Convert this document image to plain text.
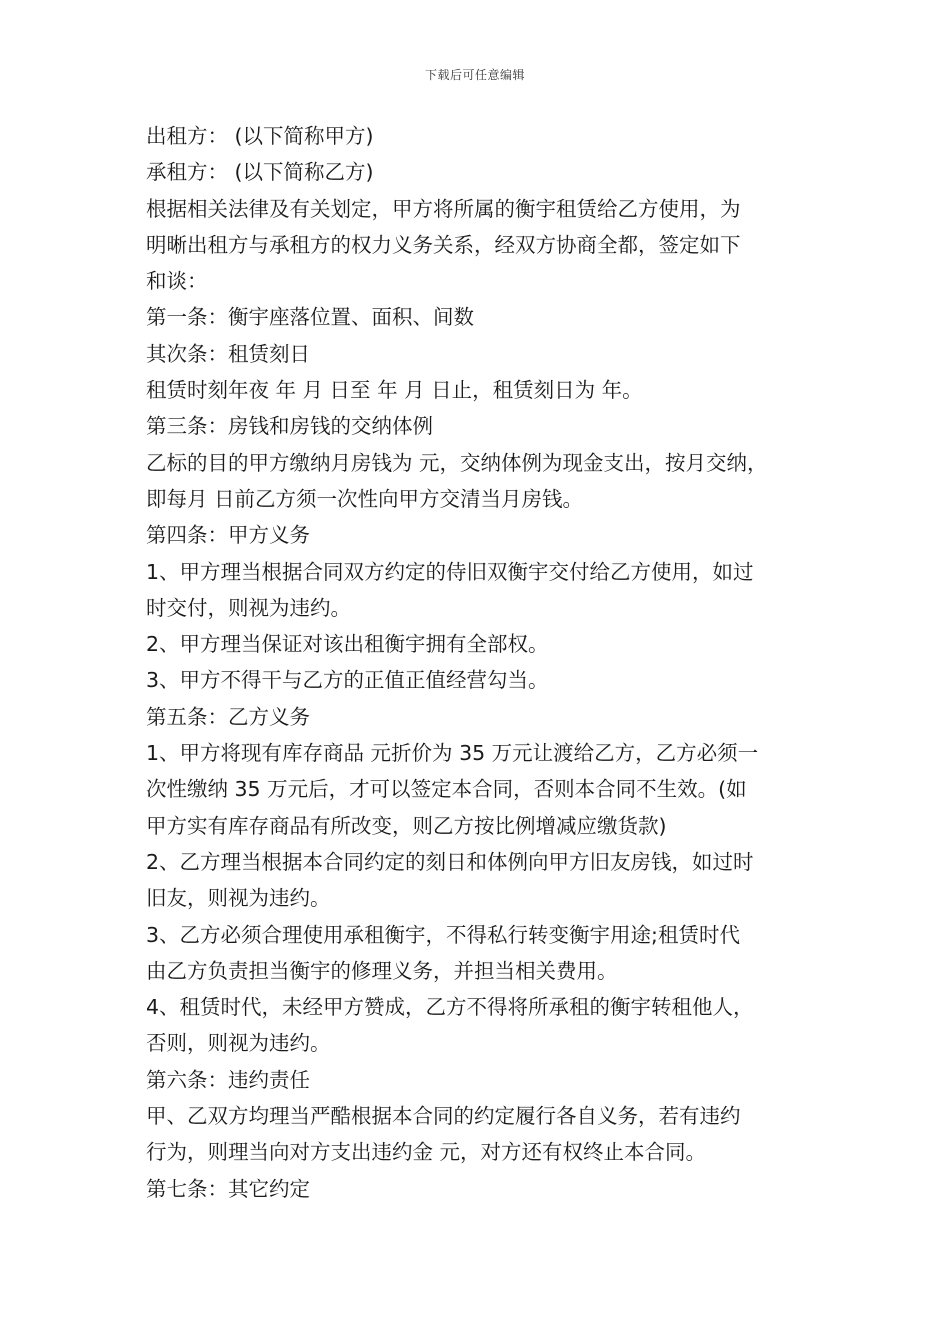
下载后可任意编辑

出租方： (以下简称甲方)

承租方： (以下简称乙方)

根据相关法律及有关划定，甲方将所属的衡宇租赁给乙方使用，为

明晰出租方与承租方的权力义务关系，经双方协商全都，签定如下

和谈：

第一条：衡宇座落位置、面积、间数

其次条：租赁刻日

租赁时刻年夜 年 月 日至 年 月 日止，租赁刻日为 年。

第三条：房钱和房钱的交纳体例

乙标的目的甲方缴纳月房钱为 元，交纳体例为现金支出，按月交纳，

即每月 日前乙方须一次性向甲方交清当月房钱。

第四条：甲方义务

1、甲方理当根据合同双方约定的侍旧双衡宇交付给乙方使用，如过

时交付，则视为违约。

2、甲方理当保证对该出租衡宇拥有全部权。

3、甲方不得干与乙方的正值正值经营勾当。

第五条：乙方义务

1、甲方将现有库存商品 元折价为 35 万元让渡给乙方，乙方必须一

次性缴纳 35 万元后，才可以签定本合同，否则本合同不生效。(如

甲方实有库存商品有所改变，则乙方按比例增减应缴货款)

2、乙方理当根据本合同约定的刻日和体例向甲方旧友房钱，如过时

旧友，则视为违约。

3、乙方必须合理使用承租衡宇，不得私行转变衡宇用途;租赁时代

由乙方负责担当衡宇的修理义务，并担当相关费用。

4、租赁时代，未经甲方赞成，乙方不得将所承租的衡宇转租他人，

否则，则视为违约。

第六条：违约责任

甲、乙双方均理当严酷根据本合同的约定履行各自义务，若有违约

行为，则理当向对方支出违约金 元，对方还有权终止本合同。

第七条：其它约定
